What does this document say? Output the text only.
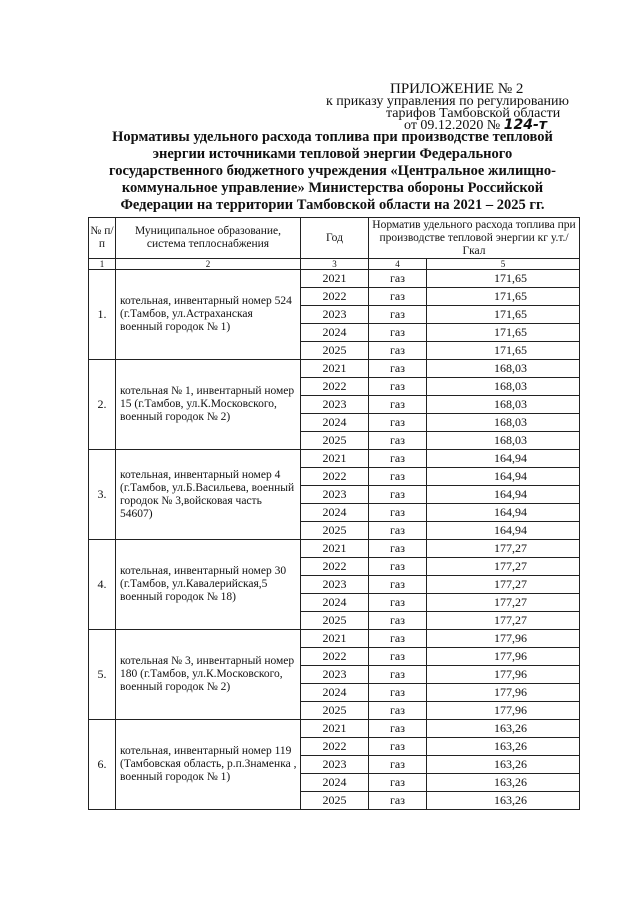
ПРИЛОЖЕНИЕ № 2
к приказу управления по регулированию
тарифов Тамбовской области
от 09.12.2020 № 124-т
Нормативы удельного расхода топлива при производстве тепловой энергии источниками тепловой энергии Федерального государственного бюджетного учреждения «Центральное жилищно-коммунальное управление» Министерства обороны Российской Федерации на территории Тамбовской области на 2021 – 2025 гг.
№ п/п	Муниципальное образование, система теплоснабжения	Год	Норматив удельного расхода топлива при производстве тепловой энергии кг у.т./Гкал	
1	2	3	4	5
1.	котельная, инвентарный номер 524 (г.Тамбов, ул.Астраханская военный городок № 1)	2021	газ	171,65
		2022	газ	171,65
		2023	газ	171,65
		2024	газ	171,65
		2025	газ	171,65
2.	котельная № 1, инвентарный номер 15 (г.Тамбов, ул.К.Московского, военный городок № 2)	2021	газ	168,03
		2022	газ	168,03
		2023	газ	168,03
		2024	газ	168,03
		2025	газ	168,03
3.	котельная, инвентарный номер 4 (г.Тамбов, ул.Б.Васильева, военный городок № 3,войсковая часть 54607)	2021	газ	164,94
		2022	газ	164,94
		2023	газ	164,94
		2024	газ	164,94
		2025	газ	164,94
4.	котельная, инвентарный номер 30 (г.Тамбов, ул.Кавалерийская,5 военный городок № 18)	2021	газ	177,27
		2022	газ	177,27
		2023	газ	177,27
		2024	газ	177,27
		2025	газ	177,27
5.	котельная № 3, инвентарный номер 180 (г.Тамбов, ул.К.Московского, военный городок № 2)	2021	газ	177,96
		2022	газ	177,96
		2023	газ	177,96
		2024	газ	177,96
		2025	газ	177,96
6.	котельная, инвентарный номер 119 (Тамбовская область, р.п.Знаменка , военный городок № 1)	2021	газ	163,26
		2022	газ	163,26
		2023	газ	163,26
		2024	газ	163,26
		2025	газ	163,26
